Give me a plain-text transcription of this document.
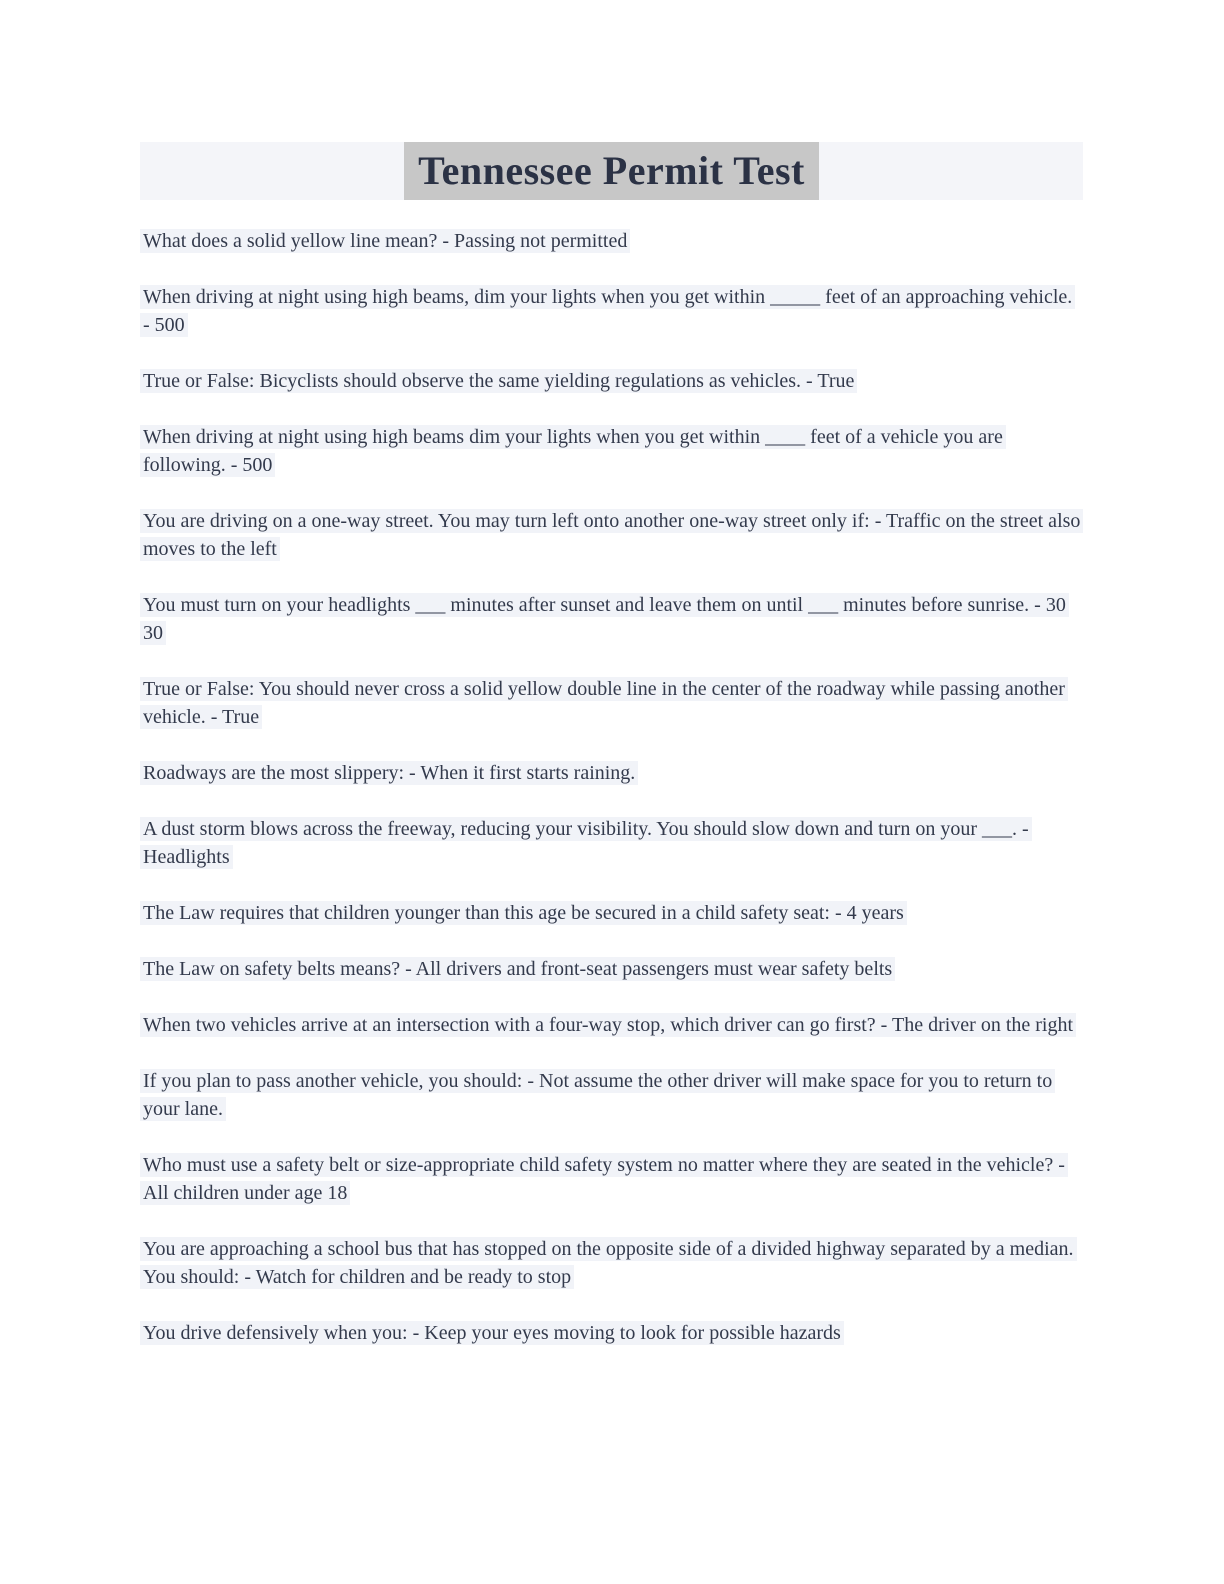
Tennessee Permit Test

What does a solid yellow line mean? - Passing not permitted

When driving at night using high beams, dim your lights when you get within _____ feet of an approaching vehicle. - 500

True or False: Bicyclists should observe the same yielding regulations as vehicles. - True

When driving at night using high beams dim your lights when you get within ____ feet of a vehicle you are following. - 500

You are driving on a one-way street. You may turn left onto another one-way street only if: - Traffic on the street also moves to the left

You must turn on your headlights ___ minutes after sunset and leave them on until ___ minutes before sunrise. - 30 30

True or False: You should never cross a solid yellow double line in the center of the roadway while passing another vehicle. - True

Roadways are the most slippery: - When it first starts raining.

A dust storm blows across the freeway, reducing your visibility. You should slow down and turn on your ___. - Headlights

The Law requires that children younger than this age be secured in a child safety seat: - 4 years

The Law on safety belts means? - All drivers and front-seat passengers must wear safety belts

When two vehicles arrive at an intersection with a four-way stop, which driver can go first? - The driver on the right

If you plan to pass another vehicle, you should: - Not assume the other driver will make space for you to return to your lane.

Who must use a safety belt or size-appropriate child safety system no matter where they are seated in the vehicle? - All children under age 18

You are approaching a school bus that has stopped on the opposite side of a divided highway separated by a median. You should: - Watch for children and be ready to stop

You drive defensively when you: - Keep your eyes moving to look for possible hazards
